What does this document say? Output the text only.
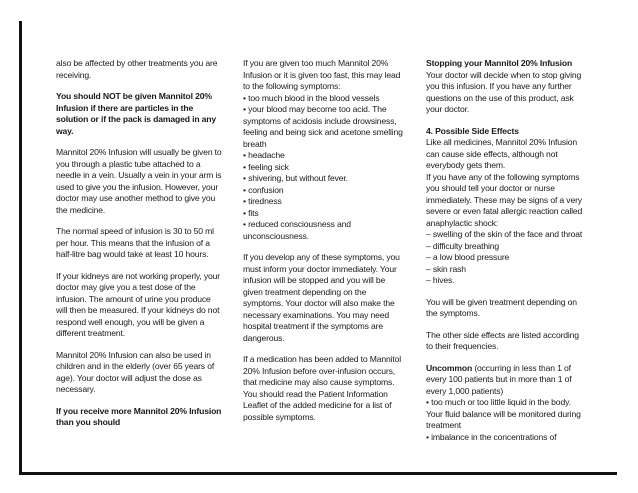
also be affected by other treatments you are receiving.

You should NOT be given Mannitol 20% Infusion if there are particles in the solution or if the pack is damaged in any way.

Mannitol 20% Infusion will usually be given to you through a plastic tube attached to a needle in a vein. Usually a vein in your arm is used to give you the infusion. However, your doctor may use another method to give you the medicine.

The normal speed of infusion is 30 to 50 ml per hour. This means that the infusion of a half-litre bag would take at least 10 hours.

If your kidneys are not working properly, your doctor may give you a test dose of the infusion. The amount of urine you produce will then be measured. If your kidneys do not respond well enough, you will be given a different treatment.

Mannitol 20% Infusion can also be used in children and in the elderly (over 65 years of age). Your doctor will adjust the dose as necessary.

If you receive more Mannitol 20% Infusion than you should

If you are given too much Mannitol 20% Infusion or it is given too fast, this may lead to the following symptoms:

• too much blood in the blood vessels
• your blood may become too acid. The symptoms of acidosis include drowsiness, feeling and being sick and acetone smelling breath
• headache
• feeling sick
• shivering, but without fever.
• confusion
• tiredness
• fits
• reduced consciousness and unconsciousness.

If you develop any of these symptoms, you must inform your doctor immediately. Your infusion will be stopped and you will be given treatment depending on the symptoms. Your doctor will also make the necessary examinations. You may need hospital treatment if the symptoms are dangerous.

If a medication has been added to Mannitol 20% Infusion before over-infusion occurs, that medicine may also cause symptoms. You should read the Patient Information Leaflet of the added medicine for a list of possible symptoms.

Stopping your Mannitol 20% Infusion

Your doctor will decide when to stop giving you this infusion. If you have any further questions on the use of this product, ask your doctor.

4. Possible Side Effects

Like all medicines, Mannitol 20% Infusion can cause side effects, although not everybody gets them.

If you have any of the following symptoms you should tell your doctor or nurse immediately. These may be signs of a very severe or even fatal allergic reaction called anaphylactic shock:

– swelling of the skin of the face and throat
– difficulty breathing
– a low blood pressure
– skin rash
– hives.

You will be given treatment depending on the symptoms.

The other side effects are listed according to their frequencies.

Uncommon (occurring in less than 1 of every 100 patients but in more than 1 of every 1,000 patients)

• too much or too little liquid in the body. Your fluid balance will be monitored during treatment
• imbalance in the concentrations of
